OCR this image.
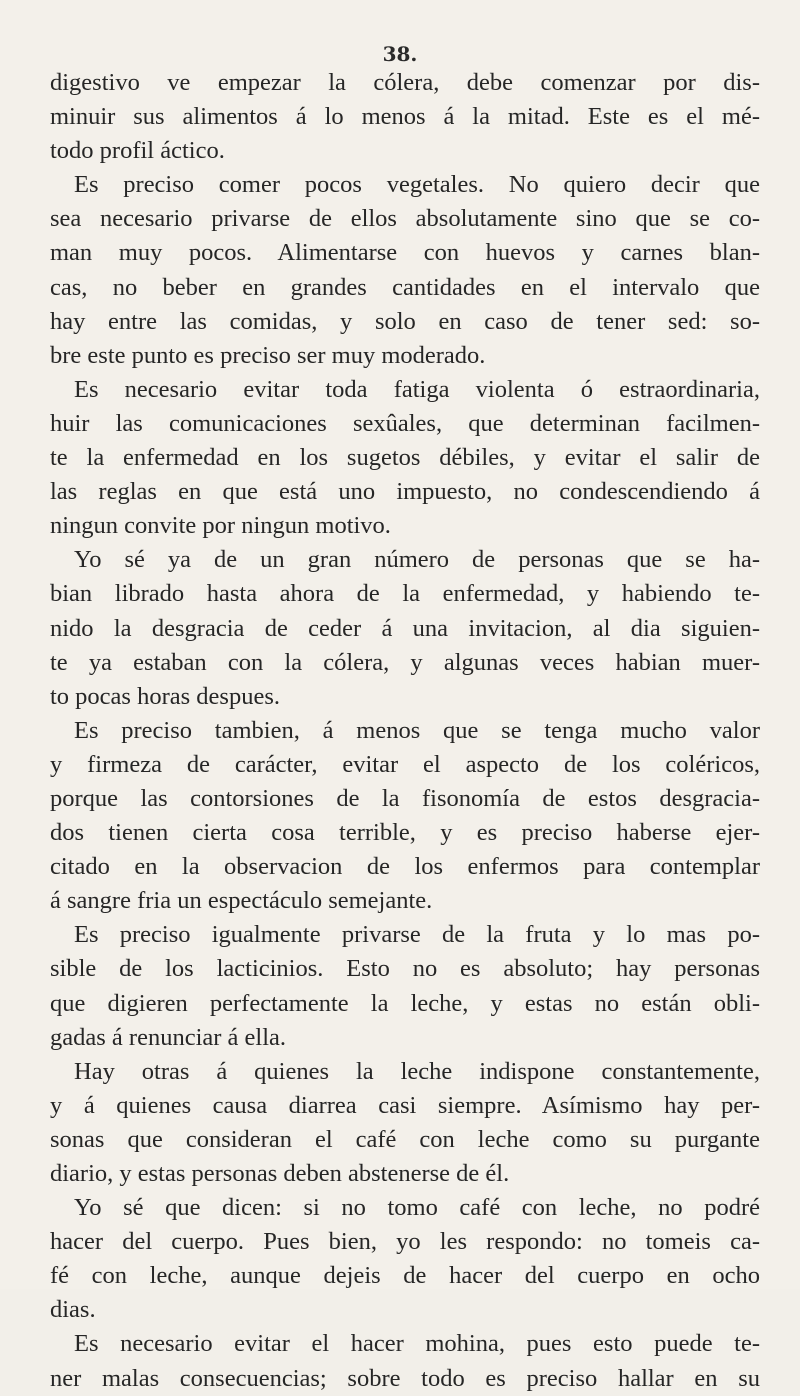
38.
digestivo ve empezar la cólera, debe comenzar por dis-
minuir sus alimentos á lo menos á la mitad. Este es el mé-
todo profil áctico.
Es preciso comer pocos vegetales. No quiero decir que
sea necesario privarse de ellos absolutamente sino que se co-
man muy pocos. Alimentarse con huevos y carnes blan-
cas, no beber en grandes cantidades en el intervalo que
hay entre las comidas, y solo en caso de tener sed: so-
bre este punto es preciso ser muy moderado.
Es necesario evitar toda fatiga violenta ó estraordinaria,
huir las comunicaciones sexûales, que determinan facilmen-
te la enfermedad en los sugetos débiles, y evitar el salir de
las reglas en que está uno impuesto, no condescendiendo á
ningun convite por ningun motivo.
Yo sé ya de un gran número de personas que se ha-
bian librado hasta ahora de la enfermedad, y habiendo te-
nido la desgracia de ceder á una invitacion, al dia siguien-
te ya estaban con la cólera, y algunas veces habian muer-
to pocas horas despues.
Es preciso tambien, á menos que se tenga mucho valor
y firmeza de carácter, evitar el aspecto de los coléricos,
porque las contorsiones de la fisonomía de estos desgracia-
dos tienen cierta cosa terrible, y es preciso haberse ejer-
citado en la observacion de los enfermos para contemplar
á sangre fria un espectáculo semejante.
Es preciso igualmente privarse de la fruta y lo mas po-
sible de los lacticinios. Esto no es absoluto; hay personas
que digieren perfectamente la leche, y estas no están obli-
gadas á renunciar á ella.
Hay otras á quienes la leche indispone constantemente,
y á quienes causa diarrea casi siempre. Asímismo hay per-
sonas que consideran el café con leche como su purgante
diario, y estas personas deben abstenerse de él.
Yo sé que dicen: si no tomo café con leche, no podré
hacer del cuerpo. Pues bien, yo les respondo: no tomeis ca-
fé con leche, aunque dejeis de hacer del cuerpo en ocho
dias.
Es necesario evitar el hacer mohina, pues esto puede te-
ner malas consecuencias; sobre todo es preciso hallar en su
